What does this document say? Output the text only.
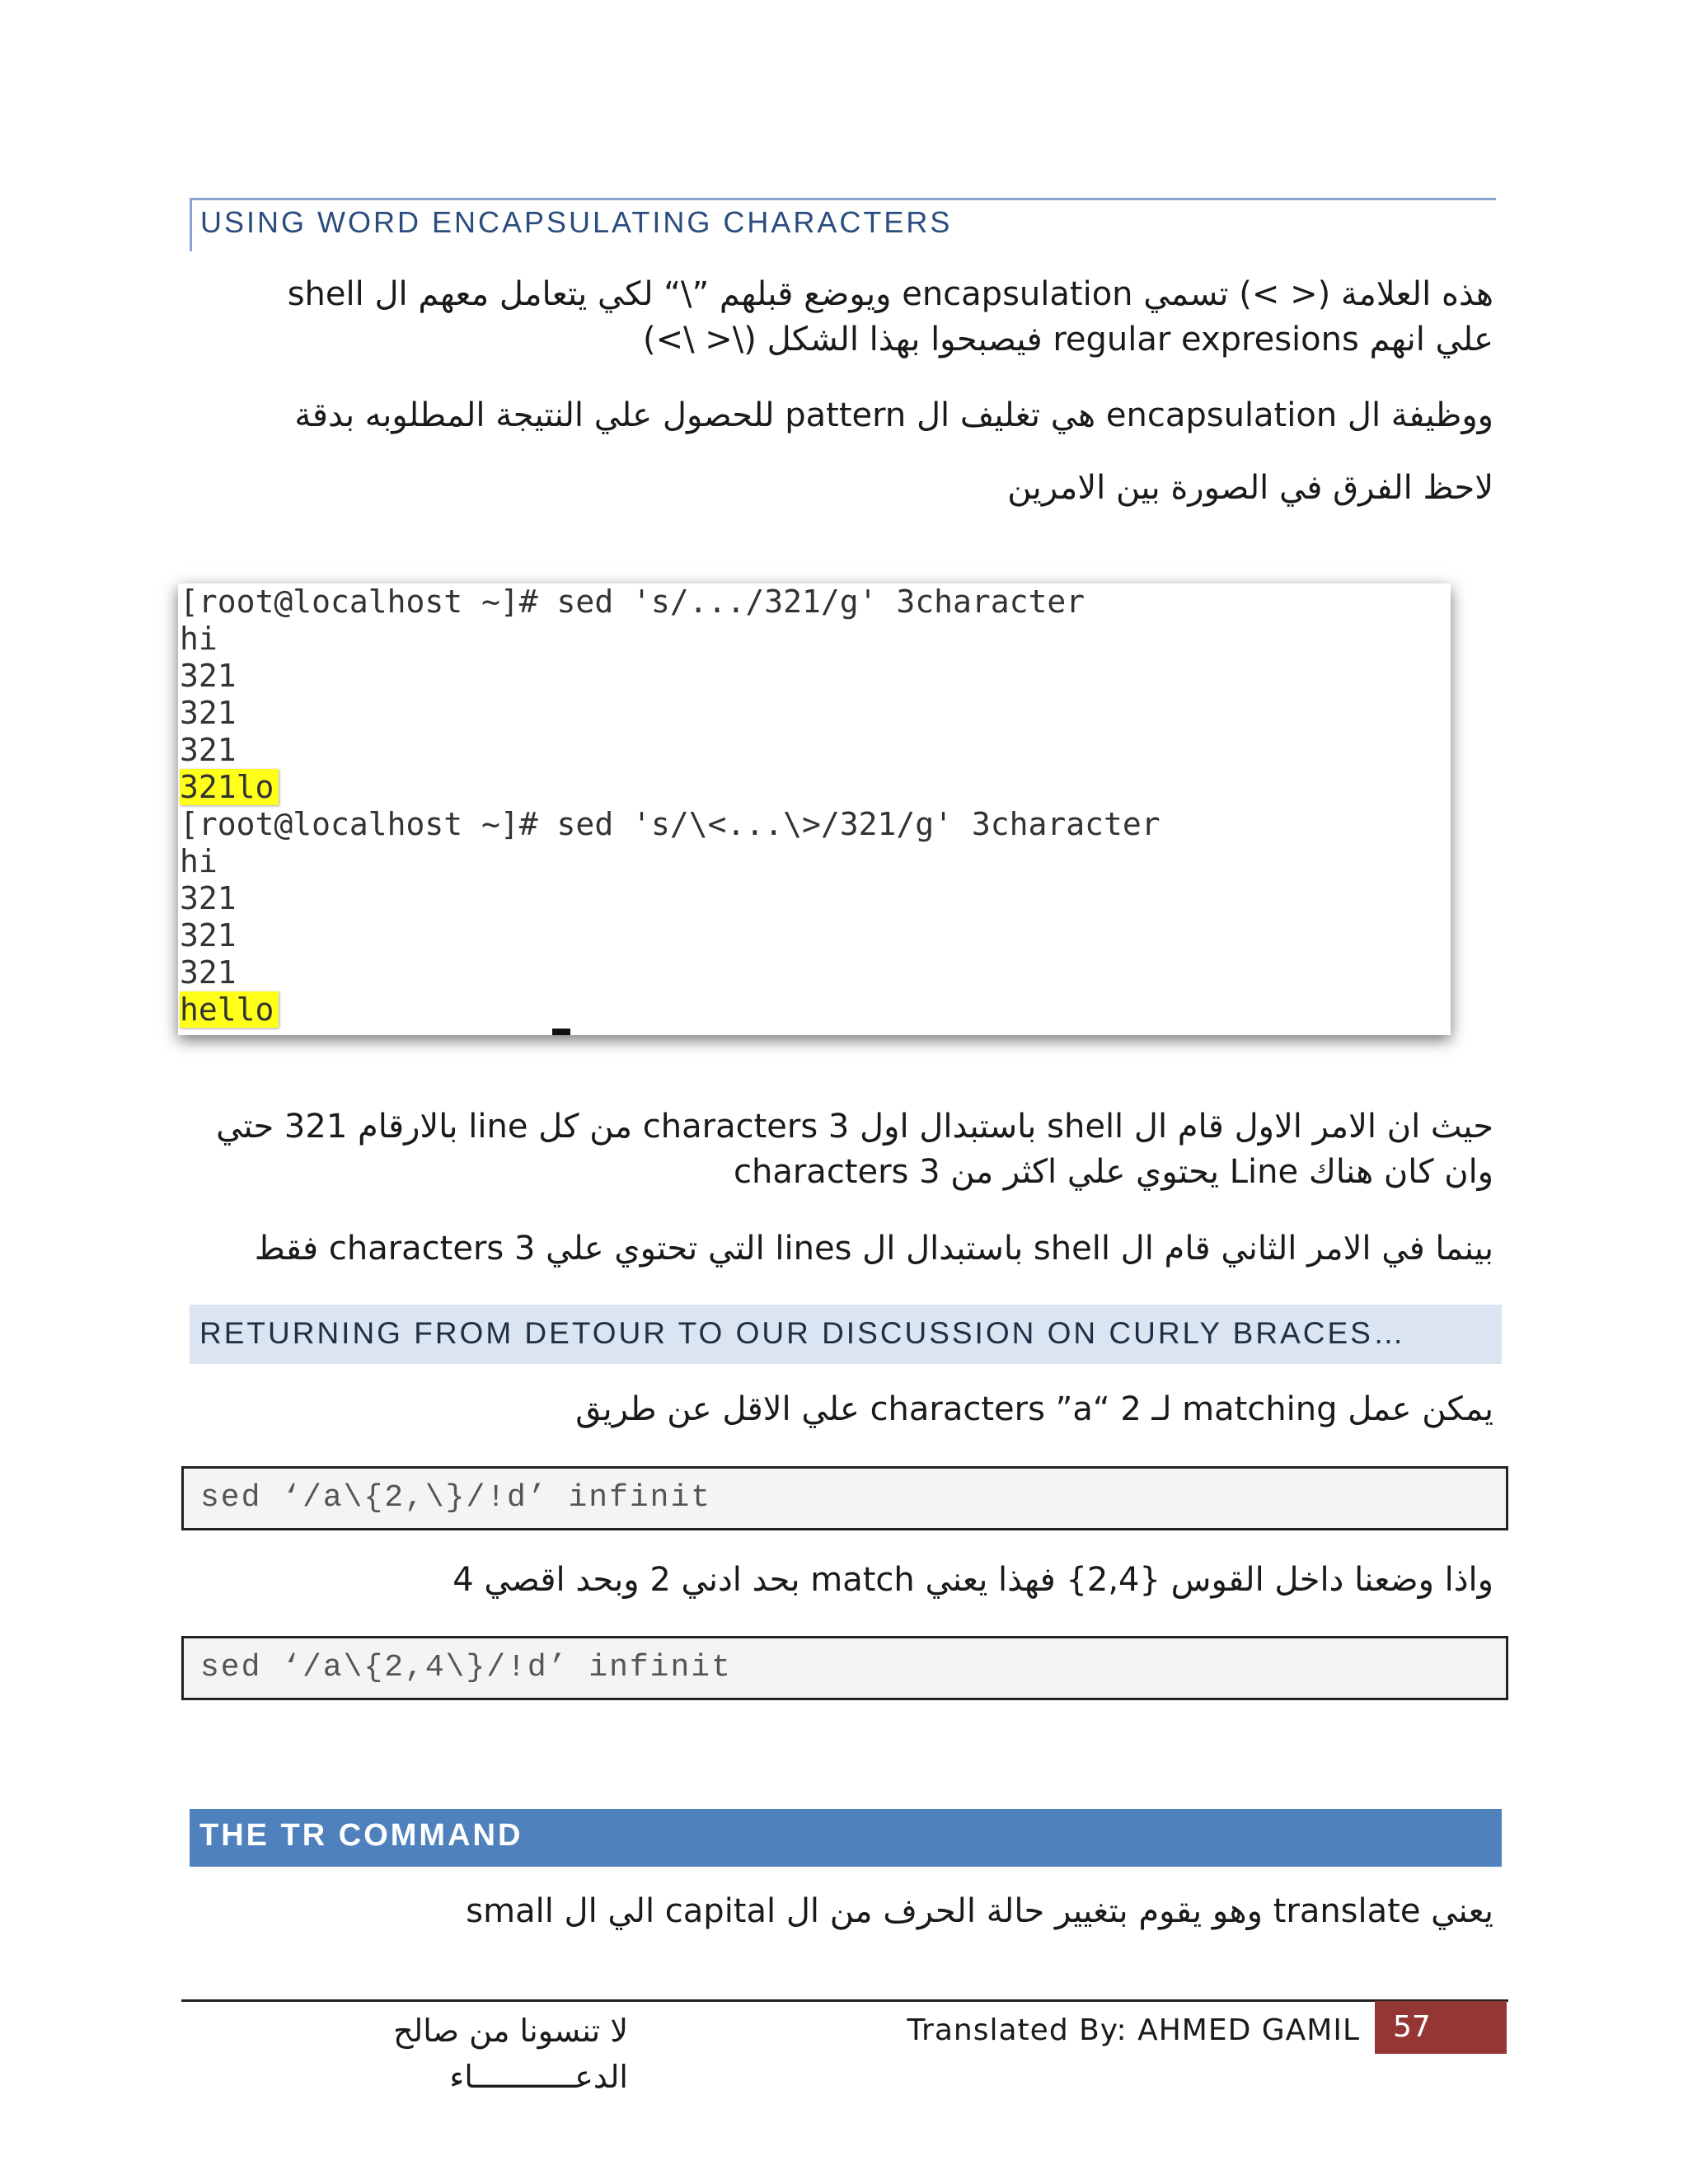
USING WORD ENCAPSULATING CHARACTERS
هذه العلامة (< >) تسمي encapsulation ويوضع قبلهم ”\“ لكي يتعامل معهم ال shell
علي انهم regular expresions فيصبحوا بهذا الشكل (\< \>)
ووظيفة ال encapsulation هي تغليف ال pattern للحصول علي النتيجة المطلوبه بدقة
لاحظ الفرق في الصورة بين الامرين
[root@localhost ~]# sed 's/.../321/g' 3character
hi
321
321
321
321lo
[root@localhost ~]# sed 's/\<...\>/321/g' 3character
hi
321
321
321
hello
حيث ان الامر الاول قام ال shell باستبدال اول 3 characters من كل line بالارقام 321 حتي
وان كان هناك Line يحتوي علي اكثر من 3 characters
بينما في الامر الثاني قام ال shell باستبدال ال lines التي تحتوي علي 3 characters فقط
RETURNING FROM DETOUR TO OUR DISCUSSION ON CURLY BRACES…
يمكن عمل matching لـ characters ”a“ 2 علي الاقل عن طريق
sed ‘/a\{2,\}/!d’ infinit
واذا وضعنا داخل القوس {2,4} فهذا يعني match بحد ادني 2 وبحد اقصي 4
sed ‘/a\{2,4\}/!d’ infinit
THE TR COMMAND
يعني translate وهو يقوم بتغيير حالة الحرف من ال capital الي ال small
لا تنسونا من صالح الدعـــــــــــاء
Translated By: AHMED GAMIL	57
